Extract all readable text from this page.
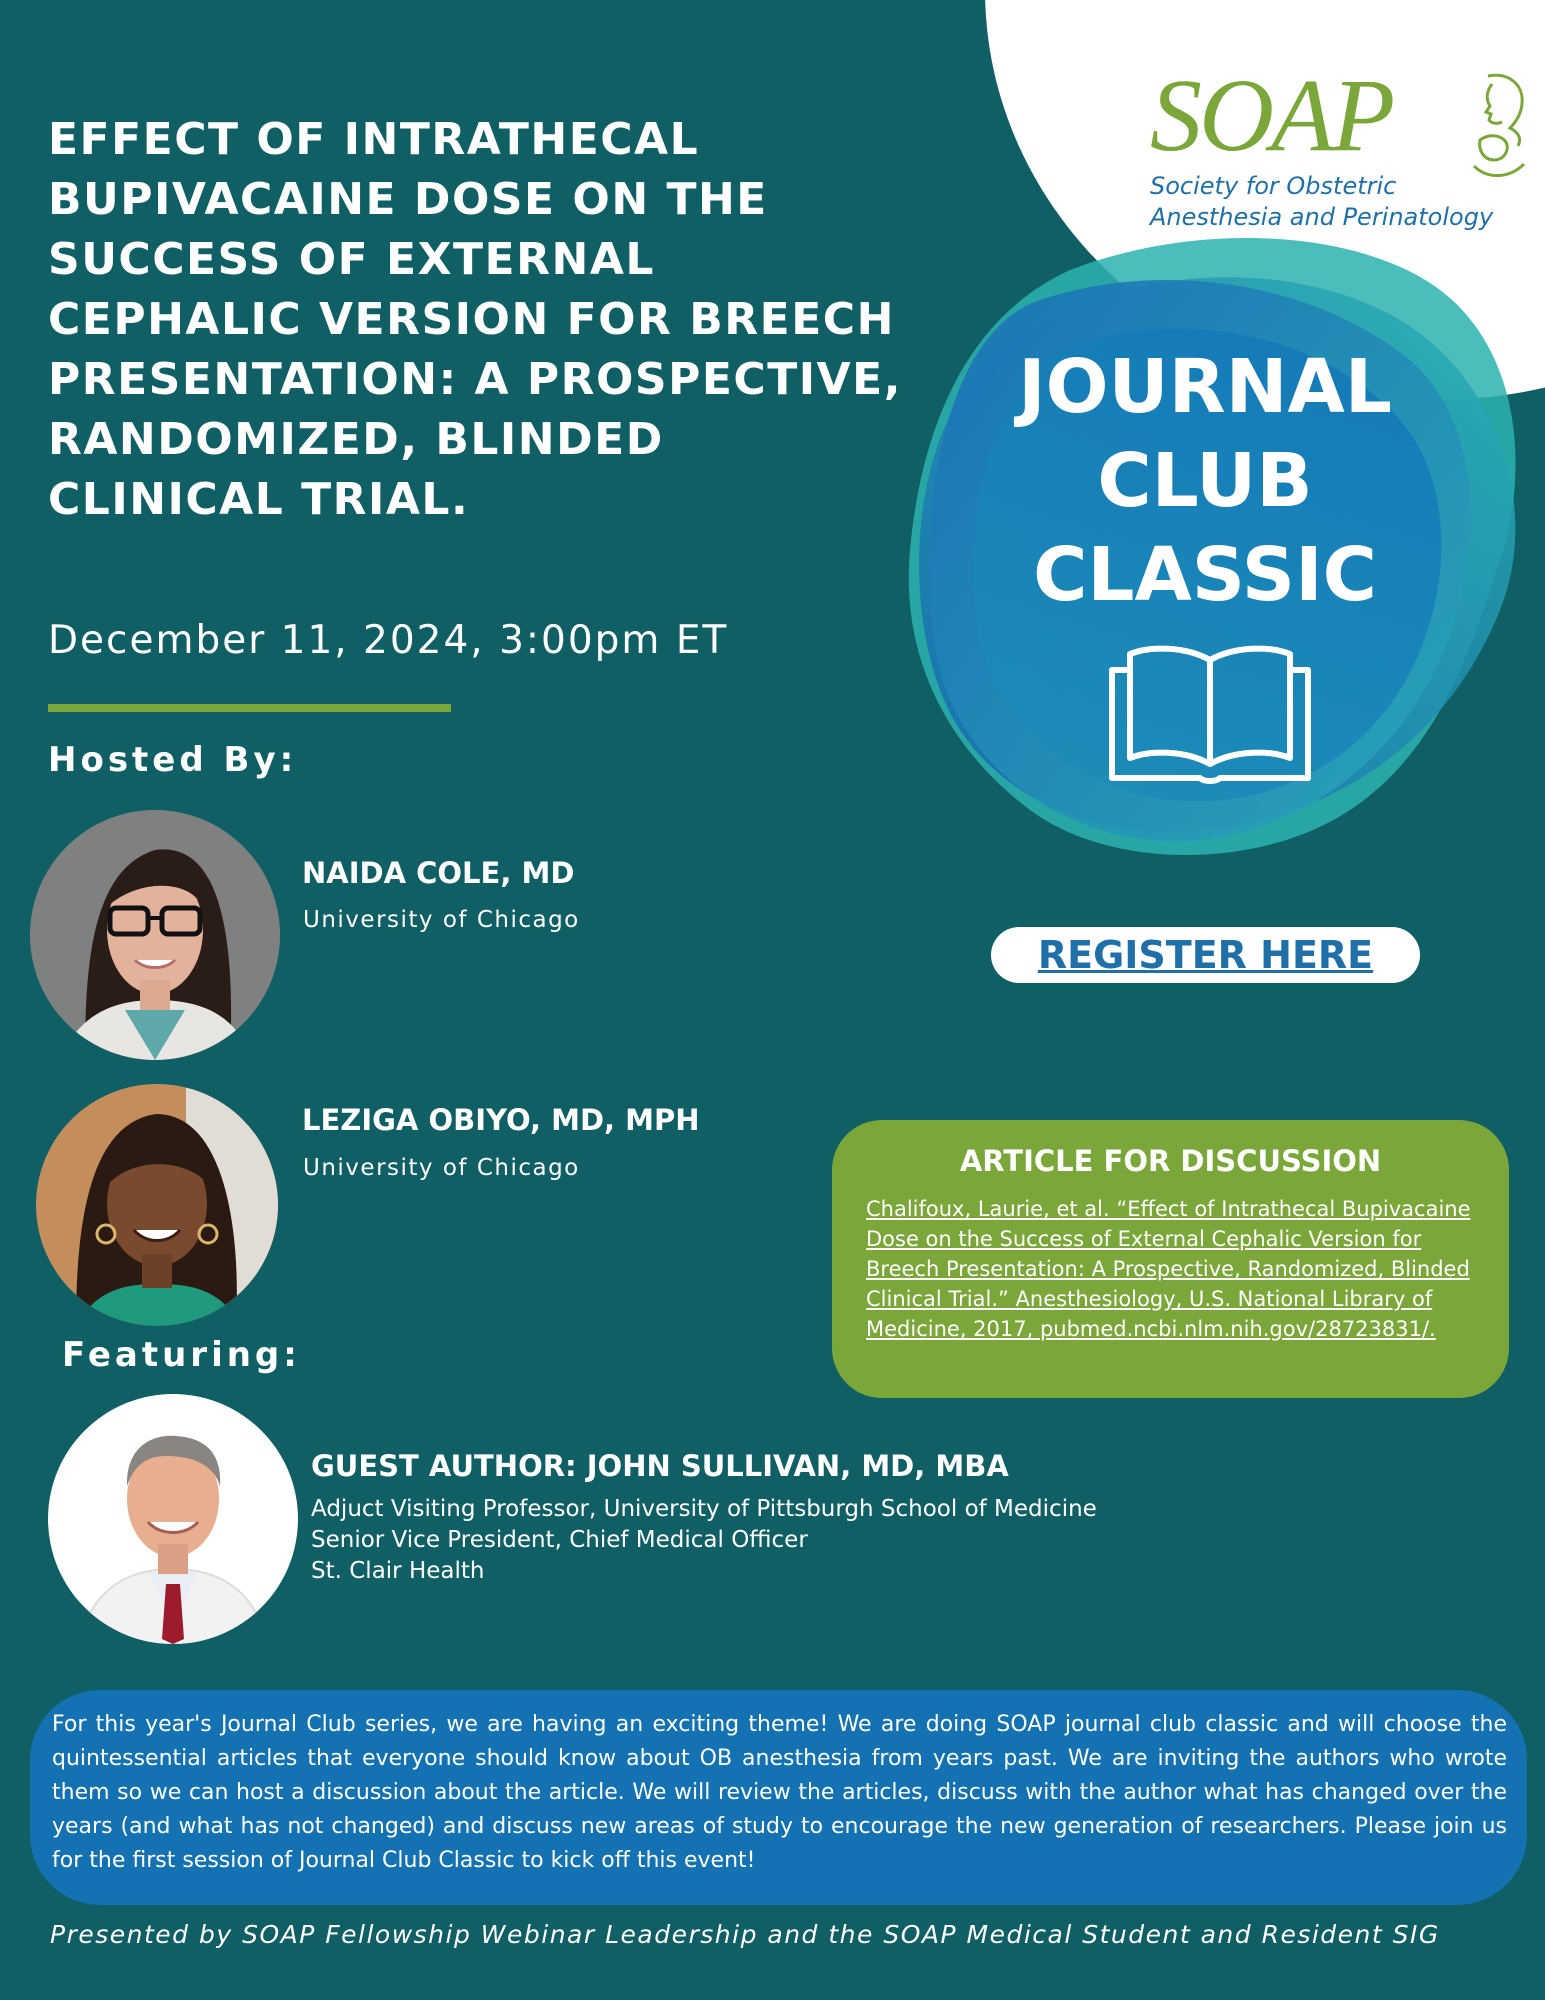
SOAP
Society for Obstetric
Anesthesia and Perinatology
JOURNAL
CLUB
CLASSIC
EFFECT OF INTRATHECAL BUPIVACAINE DOSE ON THE SUCCESS OF EXTERNAL CEPHALIC VERSION FOR BREECH PRESENTATION: A PROSPECTIVE, RANDOMIZED, BLINDED CLINICAL TRIAL.
December 11, 2024, 3:00pm ET
Hosted By:
NAIDA COLE, MD
University of Chicago
LEZIGA OBIYO, MD, MPH
University of Chicago
Featuring:
GUEST AUTHOR: JOHN SULLIVAN, MD, MBA
Adjuct Visiting Professor, University of Pittsburgh School of Medicine
Senior Vice President, Chief Medical Officer
St. Clair Health
REGISTER HERE
ARTICLE FOR DISCUSSION
Chalifoux, Laurie, et al. “Effect of Intrathecal Bupivacaine Dose on the Success of External Cephalic Version for Breech Presentation: A Prospective, Randomized, Blinded Clinical Trial.” Anesthesiology, U.S. National Library of Medicine, 2017, pubmed.ncbi.nlm.nih.gov/28723831/.

For this year's Journal Club series, we are having an exciting theme! We are doing SOAP journal club classic and will choose the quintessential articles that everyone should know about OB anesthesia from years past. We are inviting the authors who wrote them so we can host a discussion about the article. We will review the articles, discuss with the author what has changed over the years (and what has not changed) and discuss new areas of study to encourage the new generation of researchers. Please join us for the first session of Journal Club Classic to kick off this event!

Presented by SOAP Fellowship Webinar Leadership and the SOAP Medical Student and Resident SIG
